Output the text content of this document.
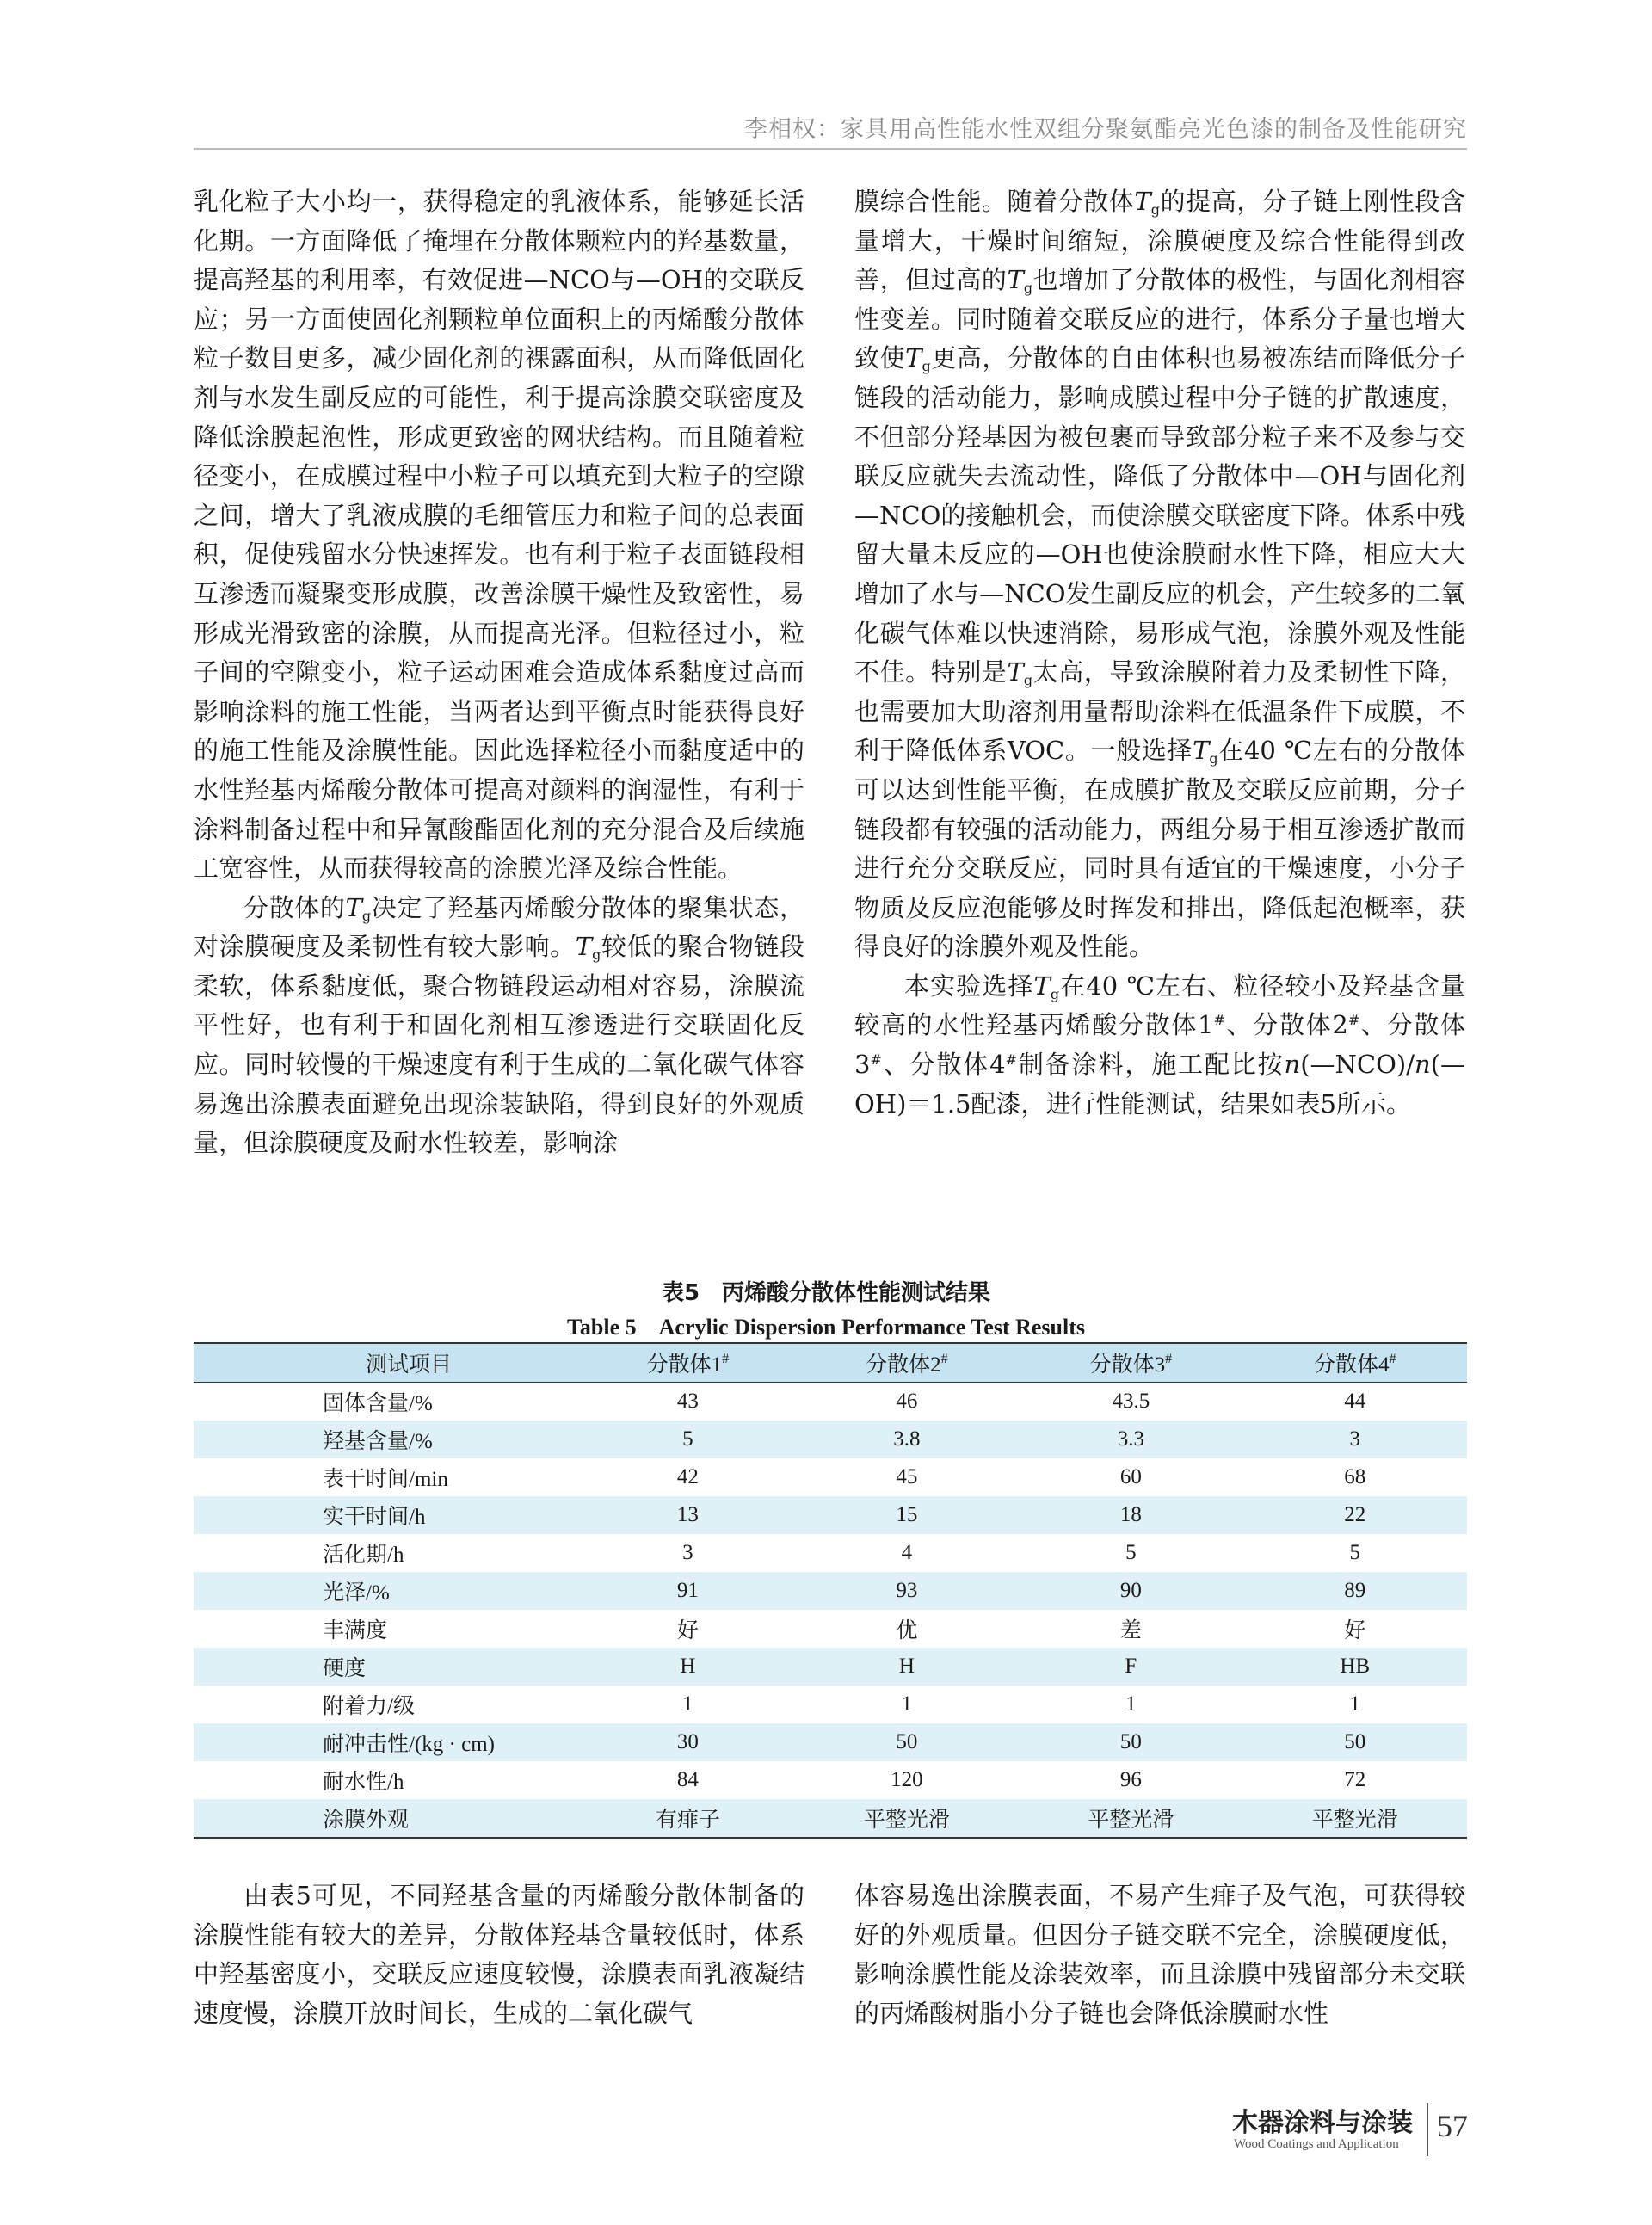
李相权：家具用高性能水性双组分聚氨酯亮光色漆的制备及性能研究

乳化粒子大小均一，获得稳定的乳液体系，能够延长活化期。一方面降低了掩埋在分散体颗粒内的羟基数量，提高羟基的利用率，有效促进—NCO与—OH的交联反应；另一方面使固化剂颗粒单位面积上的丙烯酸分散体粒子数目更多，减少固化剂的裸露面积，从而降低固化剂与水发生副反应的可能性，利于提高涂膜交联密度及降低涂膜起泡性，形成更致密的网状结构。而且随着粒径变小，在成膜过程中小粒子可以填充到大粒子的空隙之间，增大了乳液成膜的毛细管压力和粒子间的总表面积，促使残留水分快速挥发。也有利于粒子表面链段相互渗透而凝聚变形成膜，改善涂膜干燥性及致密性，易形成光滑致密的涂膜，从而提高光泽。但粒径过小，粒子间的空隙变小，粒子运动困难会造成体系黏度过高而影响涂料的施工性能，当两者达到平衡点时能获得良好的施工性能及涂膜性能。因此选择粒径小而黏度适中的水性羟基丙烯酸分散体可提高对颜料的润湿性，有利于涂料制备过程中和异氰酸酯固化剂的充分混合及后续施工宽容性，从而获得较高的涂膜光泽及综合性能。

分散体的$T_g$决定了羟基丙烯酸分散体的聚集状态，对涂膜硬度及柔韧性有较大影响。$T_g$较低的聚合物链段柔软，体系黏度低，聚合物链段运动相对容易，涂膜流平性好，也有利于和固化剂相互渗透进行交联固化反应。同时较慢的干燥速度有利于生成的二氧化碳气体容易逸出涂膜表面避免出现涂装缺陷，得到良好的外观质量，但涂膜硬度及耐水性较差，影响涂

膜综合性能。随着分散体$T_g$的提高，分子链上刚性段含量增大，干燥时间缩短，涂膜硬度及综合性能得到改善，但过高的$T_g$也增加了分散体的极性，与固化剂相容性变差。同时随着交联反应的进行，体系分子量也增大致使$T_g$更高，分散体的自由体积也易被冻结而降低分子链段的活动能力，影响成膜过程中分子链的扩散速度，不但部分羟基因为被包裹而导致部分粒子来不及参与交联反应就失去流动性，降低了分散体中—OH与固化剂—NCO的接触机会，而使涂膜交联密度下降。体系中残留大量未反应的—OH也使涂膜耐水性下降，相应大大增加了水与—NCO发生副反应的机会，产生较多的二氧化碳气体难以快速消除，易形成气泡，涂膜外观及性能不佳。特别是$T_g$太高，导致涂膜附着力及柔韧性下降，也需要加大助溶剂用量帮助涂料在低温条件下成膜，不利于降低体系VOC。一般选择$T_g$在40 ℃左右的分散体可以达到性能平衡，在成膜扩散及交联反应前期，分子链段都有较强的活动能力，两组分易于相互渗透扩散而进行充分交联反应，同时具有适宜的干燥速度，小分子物质及反应泡能够及时挥发和排出，降低起泡概率，获得良好的涂膜外观及性能。

本实验选择$T_g$在40 ℃左右、粒径较小及羟基含量较高的水性羟基丙烯酸分散体1#、分散体2#、分散体3#、分散体4#制备涂料，施工配比按n(—NCO)/n(—OH)＝1.5配漆，进行性能测试，结果如表5所示。

表5　丙烯酸分散体性能测试结果
Table 5　Acrylic Dispersion Performance Test Results
测试项目	分散体1#	分散体2#	分散体3#	分散体4#
固体含量/%	43	46	43.5	44
羟基含量/%	5	3.8	3.3	3
表干时间/min	42	45	60	68
实干时间/h	13	15	18	22
活化期/h	3	4	5	5
光泽/%	91	93	90	89
丰满度	好	优	差	好
硬度	H	H	F	HB
附着力/级	1	1	1	1
耐冲击性/(kg · cm)	30	50	50	50
耐水性/h	84	120	96	72
涂膜外观	有痱子	平整光滑	平整光滑	平整光滑

由表5可见，不同羟基含量的丙烯酸分散体制备的涂膜性能有较大的差异，分散体羟基含量较低时，体系中羟基密度小，交联反应速度较慢，涂膜表面乳液凝结速度慢，涂膜开放时间长，生成的二氧化碳气

体容易逸出涂膜表面，不易产生痱子及气泡，可获得较好的外观质量。但因分子链交联不完全，涂膜硬度低，影响涂膜性能及涂装效率，而且涂膜中残留部分未交联的丙烯酸树脂小分子链也会降低涂膜耐水性

木器涂料与涂装
Wood Coatings and Application
57
